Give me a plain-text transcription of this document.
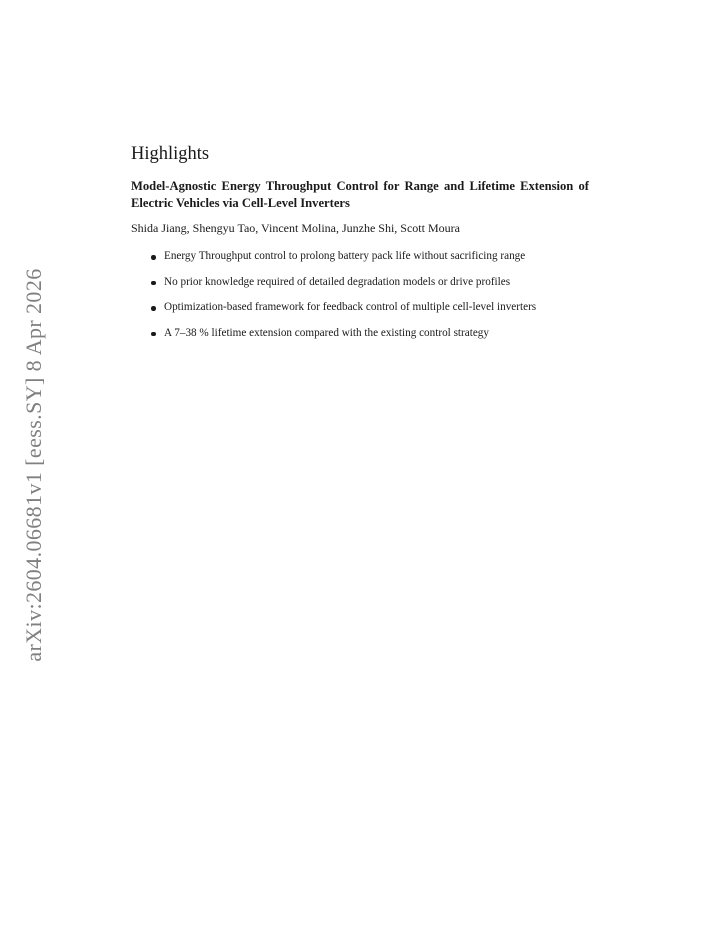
arXiv:2604.06681v1 [eess.SY] 8 Apr 2026
Highlights

Model-Agnostic Energy Throughput Control for Range and Lifetime Extension of Electric Vehicles via Cell-Level Inverters

Shida Jiang, Shengyu Tao, Vincent Molina, Junzhe Shi, Scott Moura

Energy Throughput control to prolong battery pack life without sacrificing range
No prior knowledge required of detailed degradation models or drive profiles
Optimization-based framework for feedback control of multiple cell-level inverters
A 7–38 % lifetime extension compared with the existing control strategy
